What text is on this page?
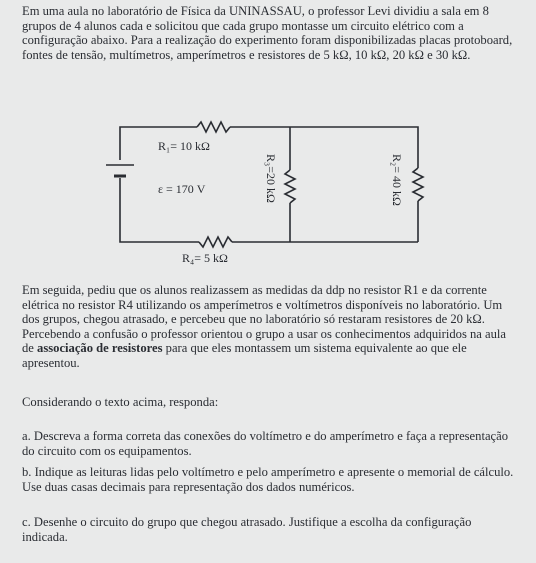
Em uma aula no laboratório de Física da UNINASSAU, o professor Levi dividiu a sala em 8 grupos de 4 alunos cada e solicitou que cada grupo montasse um circuito elétrico com a configuração abaixo. Para a realização do experimento foram disponibilizadas placas protoboard, fontes de tensão, multímetros, amperímetros e resistores de 5 kΩ, 10 kΩ, 20 kΩ e 30 kΩ.

R₁= 10 kΩ
ε = 170 V
R₄= 5 kΩ
R₃=20 kΩ	R₂= 40 kΩ

Em seguida, pediu que os alunos realizassem as medidas da ddp no resistor R1 e da corrente elétrica no resistor R4 utilizando os amperímetros e voltímetros disponíveis no laboratório. Um dos grupos, chegou atrasado, e percebeu que no laboratório só restaram resistores de 20 kΩ. Percebendo a confusão o professor orientou o grupo a usar os conhecimentos adquiridos na aula de associação de resistores para que eles montassem um sistema equivalente ao que ele apresentou.

Considerando o texto acima, responda:

a. Descreva a forma correta das conexões do voltímetro e do amperímetro e faça a representação do circuito com os equipamentos.

b. Indique as leituras lidas pelo voltímetro e pelo amperímetro e apresente o memorial de cálculo. Use duas casas decimais para representação dos dados numéricos.

c. Desenhe o circuito do grupo que chegou atrasado. Justifique a escolha da configuração indicada.
